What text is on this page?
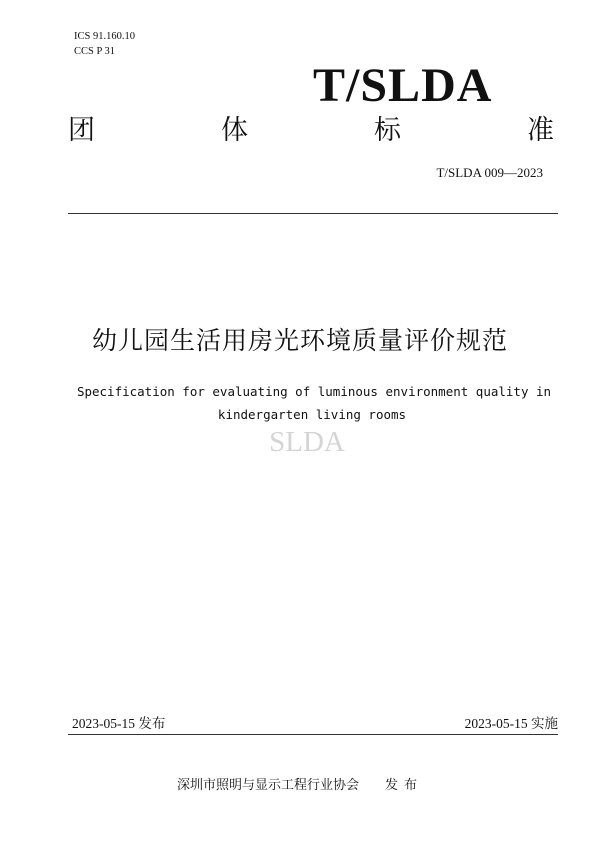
ICS 91.160.10
CCS P 31
T/SLDA
团	体	标	准
T/SLDA 009—2023
幼儿园生活用房光环境质量评价规范
Specification for evaluating of luminous environment quality in
kindergarten living rooms
SLDA
2023-05-15 发布	2023-05-15 实施
深圳市照明与显示工程行业协会 发布
